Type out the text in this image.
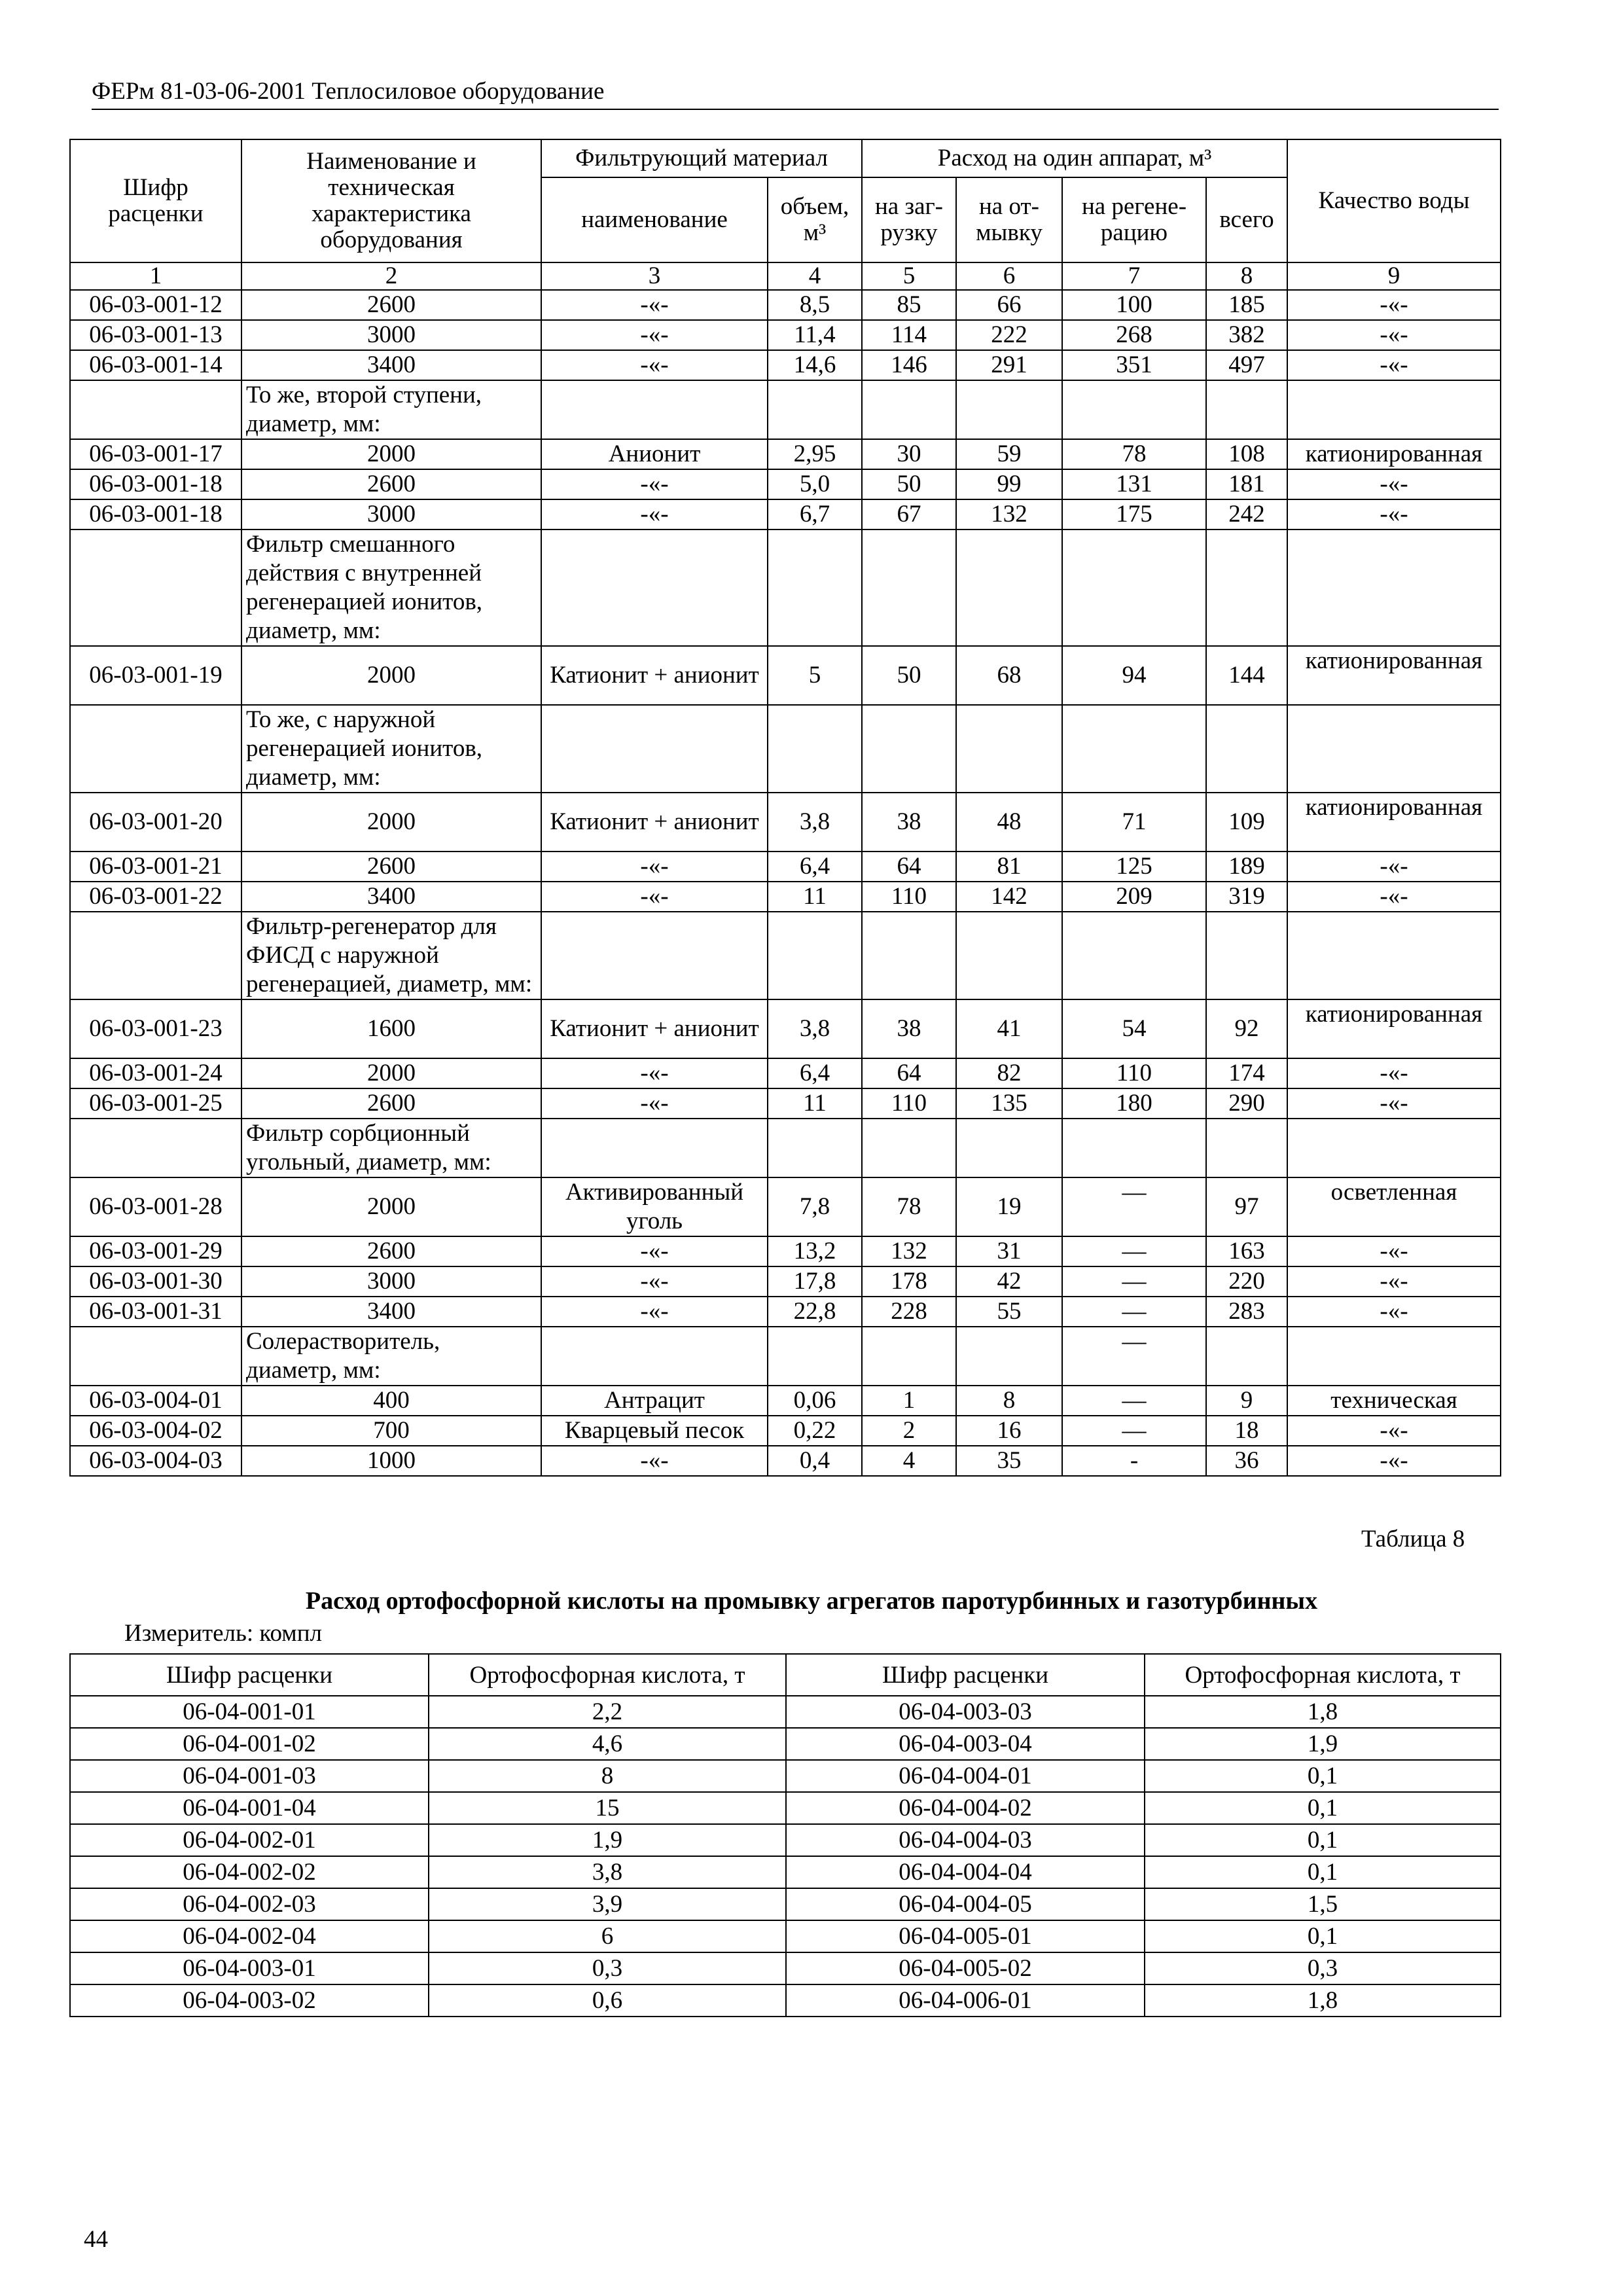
ФЕРм 81-03-06-2001 Теплосиловое оборудование
Шифр расценки	Наименование и техническая характеристика оборудования	Фильтрующий материал		Расход на один аппарат, м³				Качество воды
		наименование	объем, м³	на заг-рузку	на от-мывку	на регене-рацию	всего	
1	2	3	4	5	6	7	8	9
06-03-001-12	2600	-«-	8,5	85	66	100	185	-«-
06-03-001-13	3000	-«-	11,4	114	222	268	382	-«-
06-03-001-14	3400	-«-	14,6	146	291	351	497	-«-
	То же, второй ступени, диаметр, мм:							
06-03-001-17	2000	Анионит	2,95	30	59	78	108	катионированная
06-03-001-18	2600	-«-	5,0	50	99	131	181	-«-
06-03-001-18	3000	-«-	6,7	67	132	175	242	-«-
	Фильтр смешанного действия с внутренней регенерацией ионитов, диаметр, мм:							
06-03-001-19	2000	Катионит + анионит	5	50	68	94	144	катионированная
	То же, с наружной регенерацией ионитов, диаметр, мм:							
06-03-001-20	2000	Катионит + анионит	3,8	38	48	71	109	катионированная
06-03-001-21	2600	-«-	6,4	64	81	125	189	-«-
06-03-001-22	3400	-«-	11	110	142	209	319	-«-
	Фильтр-регенератор для ФИСД с наружной регенерацией, диаметр, мм:							
06-03-001-23	1600	Катионит + анионит	3,8	38	41	54	92	катионированная
06-03-001-24	2000	-«-	6,4	64	82	110	174	-«-
06-03-001-25	2600	-«-	11	110	135	180	290	-«-
	Фильтр сорбционный угольный, диаметр, мм:							
06-03-001-28	2000	Активированный уголь	7,8	78	19	—	97	осветленная
06-03-001-29	2600	-«-	13,2	132	31	—	163	-«-
06-03-001-30	3000	-«-	17,8	178	42	—	220	-«-
06-03-001-31	3400	-«-	22,8	228	55	—	283	-«-
	Солерастворитель, диаметр, мм:					—		
06-03-004-01	400	Антрацит	0,06	1	8	—	9	техническая
06-03-004-02	700	Кварцевый песок	0,22	2	16	—	18	-«-
06-03-004-03	1000	-«-	0,4	4	35	-	36	-«-
Таблица 8
Расход ортофосфорной кислоты на промывку агрегатов паротурбинных и газотурбинных
Измеритель: компл
Шифр расценки	Ортофосфорная кислота, т	Шифр расценки	Ортофосфорная кислота, т
06-04-001-01	2,2	06-04-003-03	1,8
06-04-001-02	4,6	06-04-003-04	1,9
06-04-001-03	8	06-04-004-01	0,1
06-04-001-04	15	06-04-004-02	0,1
06-04-002-01	1,9	06-04-004-03	0,1
06-04-002-02	3,8	06-04-004-04	0,1
06-04-002-03	3,9	06-04-004-05	1,5
06-04-002-04	6	06-04-005-01	0,1
06-04-003-01	0,3	06-04-005-02	0,3
06-04-003-02	0,6	06-04-006-01	1,8
44
